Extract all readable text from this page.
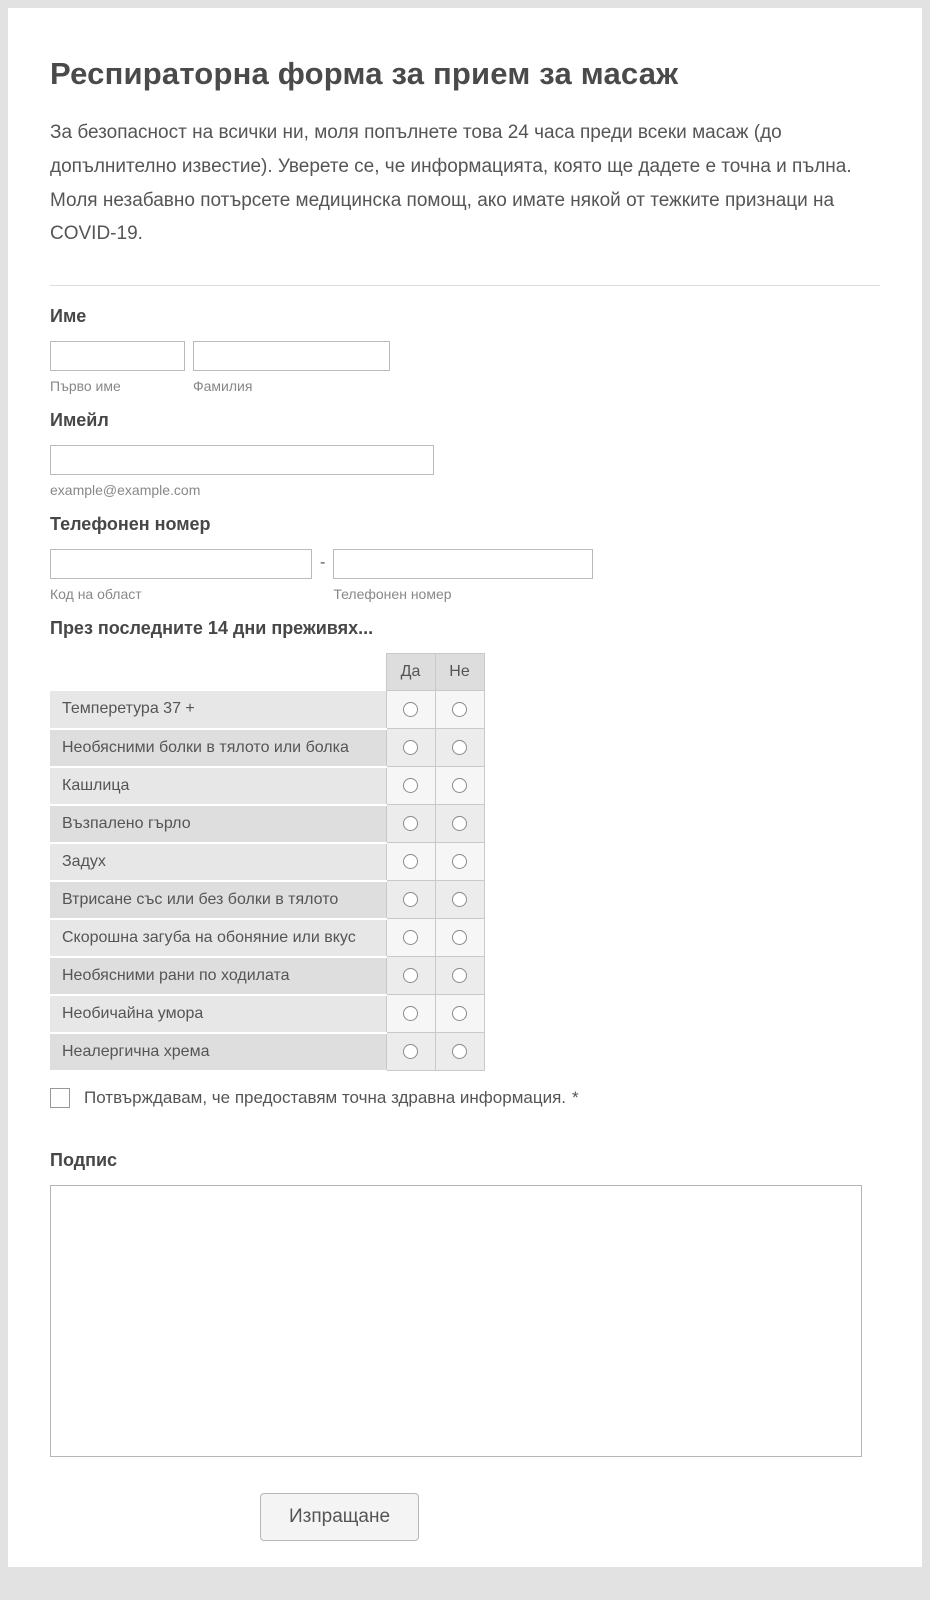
Респираторна форма за прием за масаж

За безопасност на всички ни, моля попълнете това 24 часа преди всеки масаж (до допълнително известие). Уверете се, че информацията, която ще дадете е точна и пълна. Моля незабавно потърсете медицинска помощ, ако имате някой от тежките признаци на COVID-19.

Име
Първо име	Фамилия
Имейл
example@example.com
Телефонен номер
Код на област
-
Телефонен номер
През последните 14 дни преживях...
	Да	Не
Темперетура 37 +		
Необясними болки в тялото или болка		
Кашлица		
Възпалено гърло		
Задух		
Втрисане със или без болки в тялото		
Скорошна загуба на обоняние или вкус		
Необясними рани по ходилата		
Необичайна умора		
Неалергична хрема		
Потвърждавам, че предоставям точна здравна информация. *
Подпис
Изпращане
